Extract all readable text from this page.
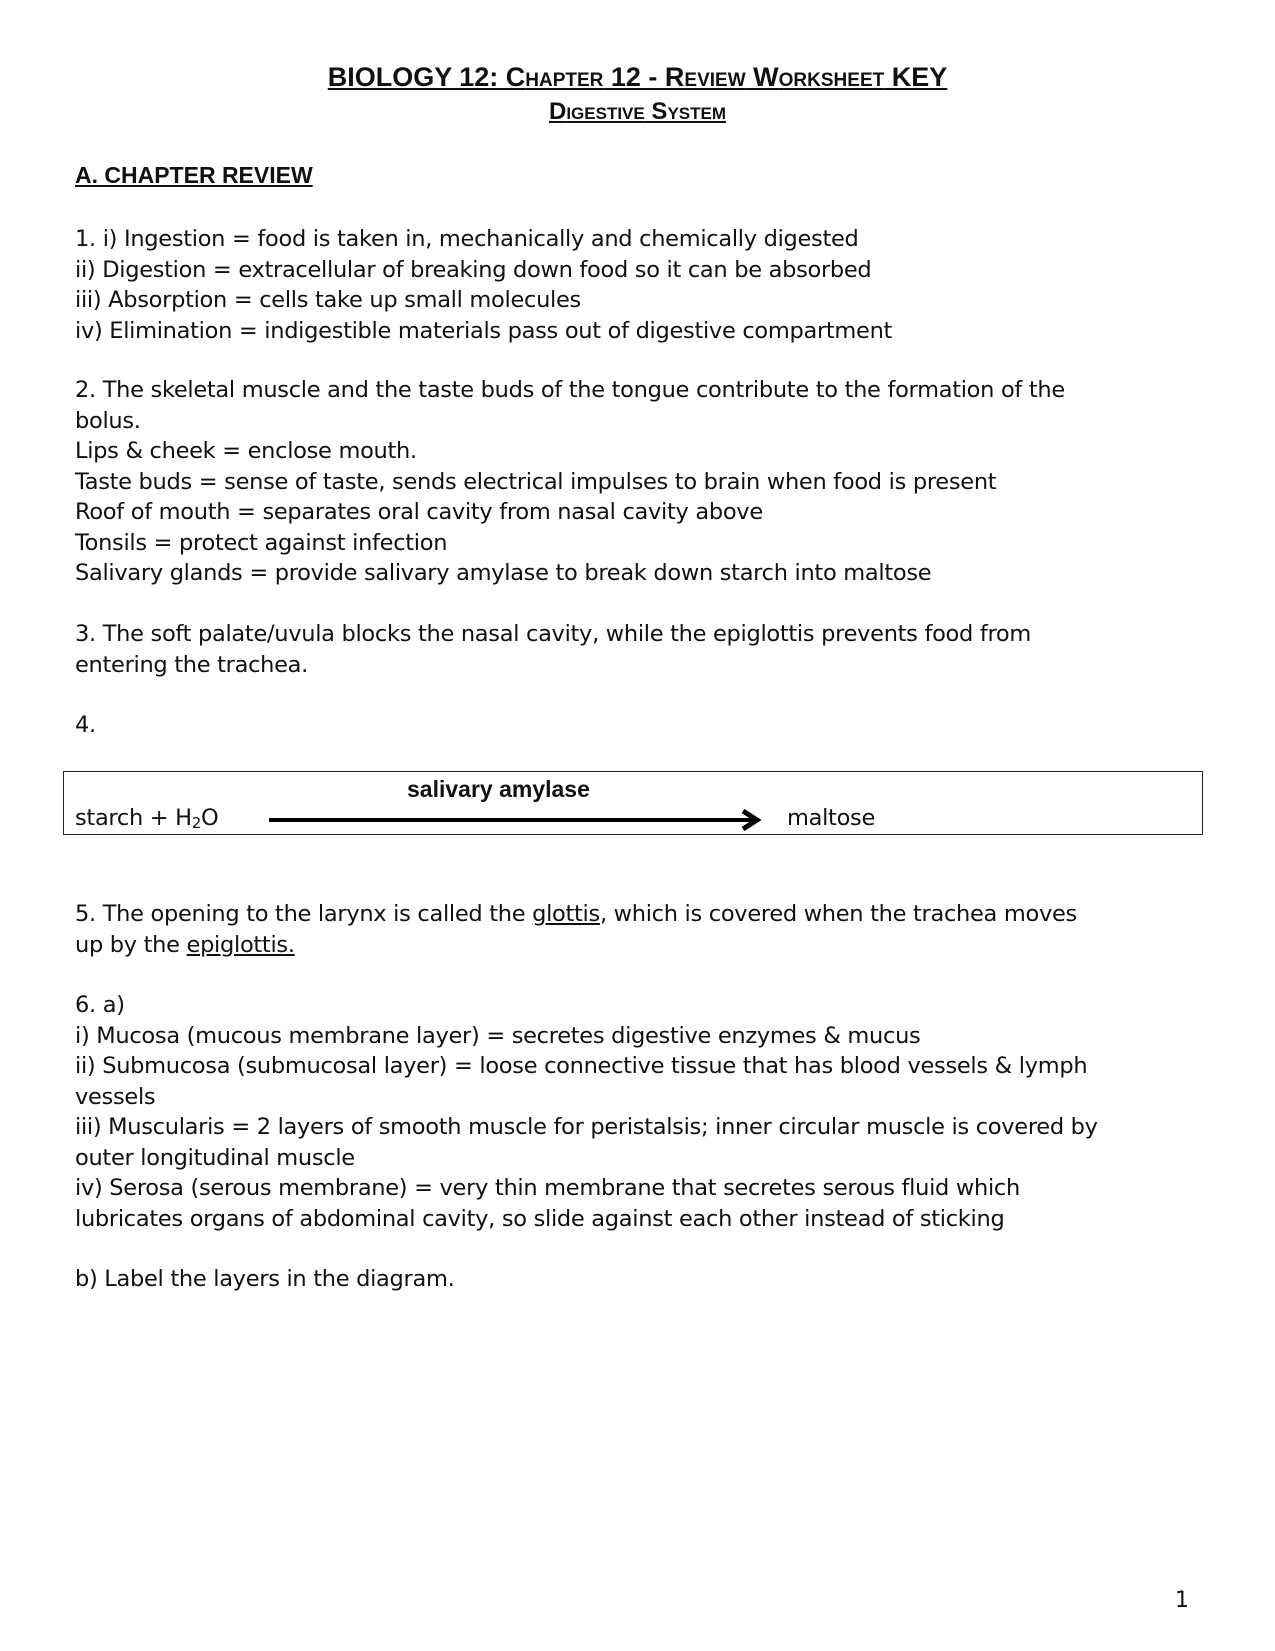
BIOLOGY 12: Chapter 12 - Review Worksheet KEY
Digestive System
A. CHAPTER REVIEW
1. i) Ingestion = food is taken in, mechanically and chemically digested
ii) Digestion = extracellular of breaking down food so it can be absorbed
iii) Absorption = cells take up small molecules
iv) Elimination = indigestible materials pass out of digestive compartment
2. The skeletal muscle and the taste buds of the tongue contribute to the formation of the
bolus.
Lips & cheek = enclose mouth.
Taste buds = sense of taste, sends electrical impulses to brain when food is present
Roof of mouth = separates oral cavity from nasal cavity above
Tonsils = protect against infection
Salivary glands = provide salivary amylase to break down starch into maltose
3. The soft palate/uvula blocks the nasal cavity, while the epiglottis prevents food from
entering the trachea.
4.
salivary amylase
starch + $H_2O$	maltose
5. The opening to the larynx is called the glottis, which is covered when the trachea moves
up by the epiglottis.
6. a)
i) Mucosa (mucous membrane layer) = secretes digestive enzymes & mucus
ii) Submucosa (submucosal layer) = loose connective tissue that has blood vessels & lymph
vessels
iii) Muscularis = 2 layers of smooth muscle for peristalsis; inner circular muscle is covered by
outer longitudinal muscle
iv) Serosa (serous membrane) = very thin membrane that secretes serous fluid which
lubricates organs of abdominal cavity, so slide against each other instead of sticking
b) Label the layers in the diagram.
1
